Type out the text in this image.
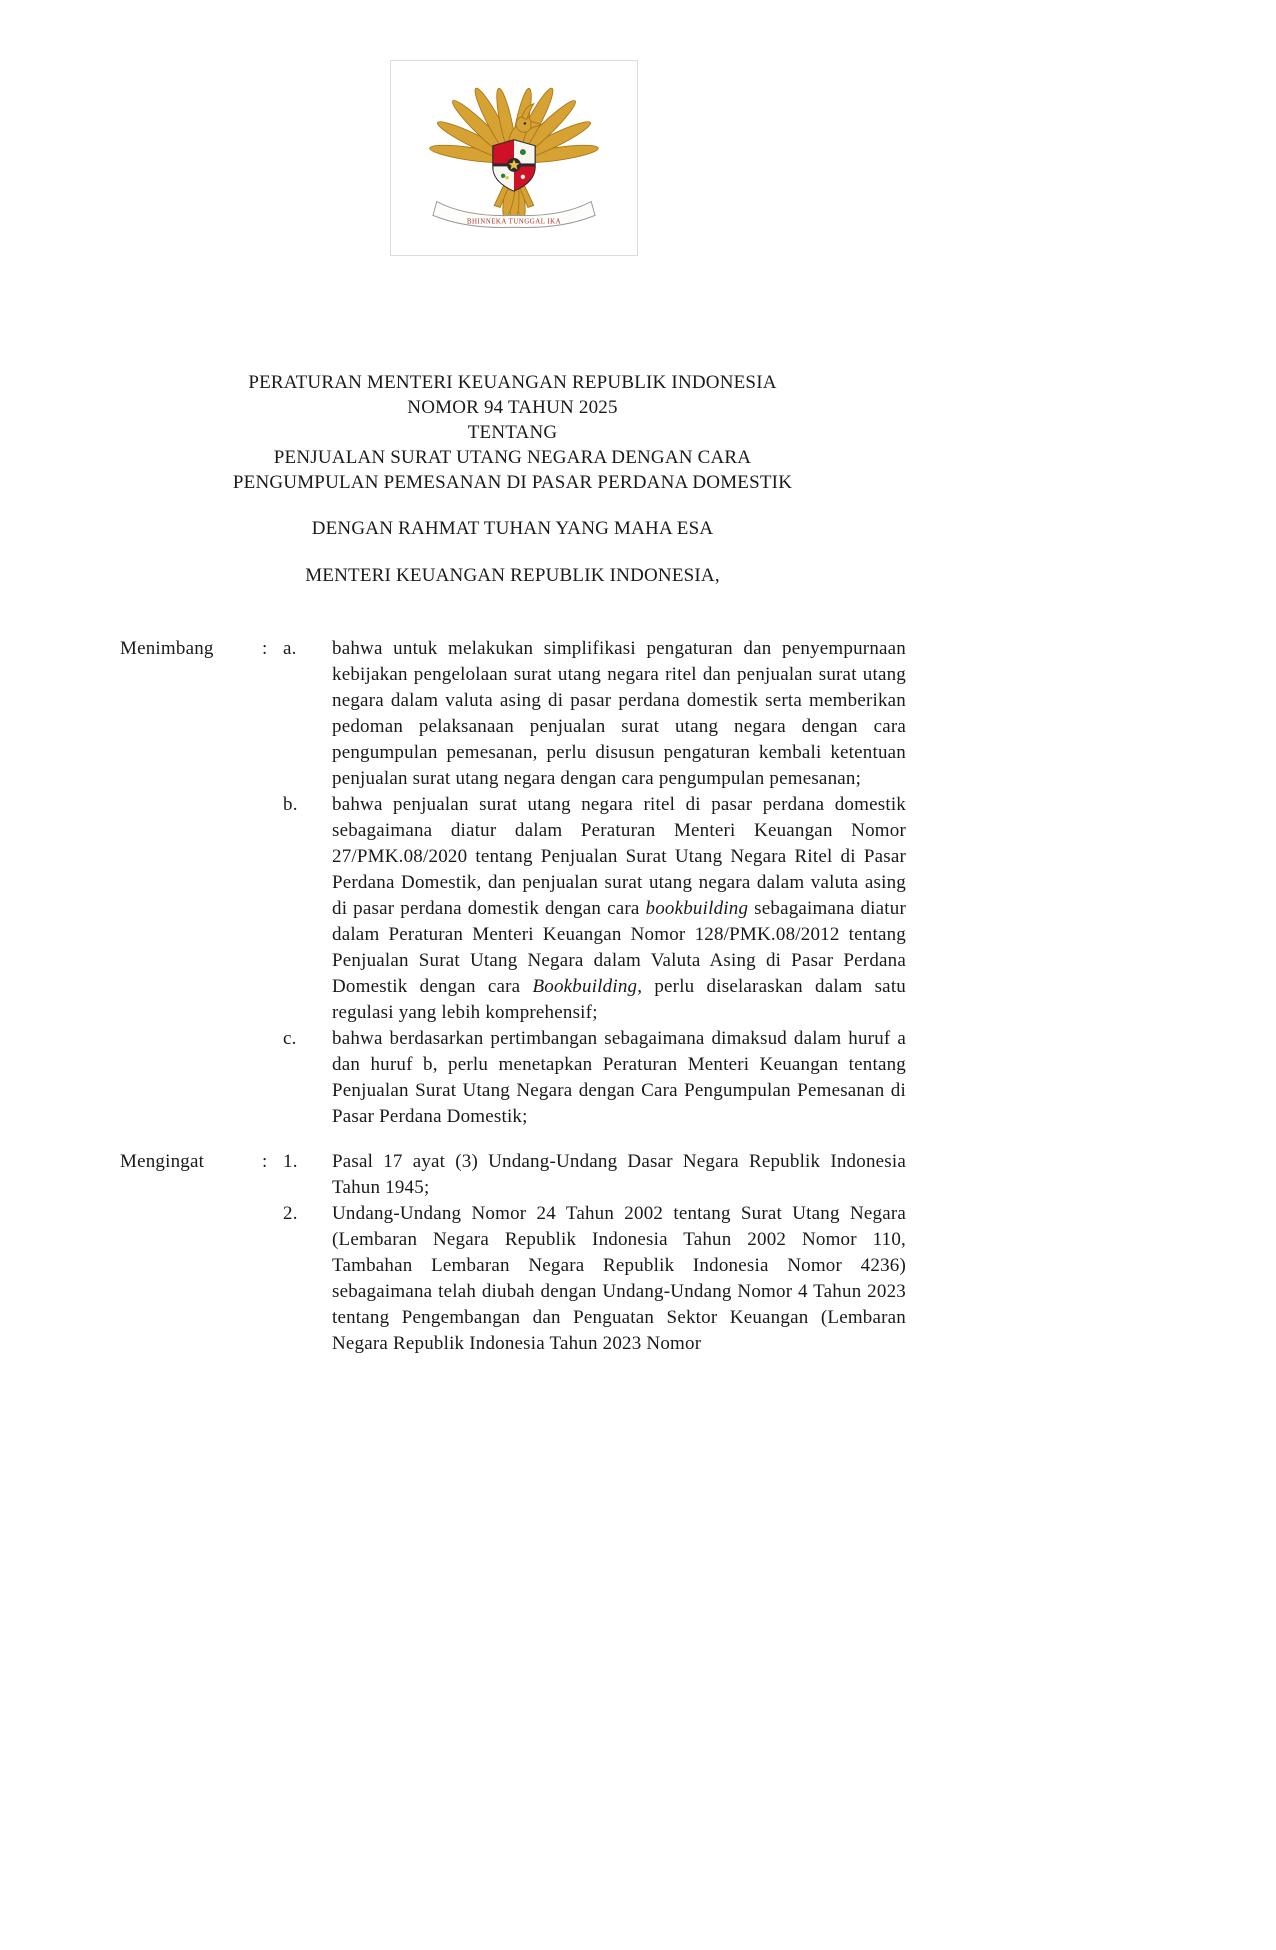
BHINNEKA TUNGGAL IKA
PERATURAN MENTERI KEUANGAN REPUBLIK INDONESIA
NOMOR 94 TAHUN 2025
TENTANG
PENJUALAN SURAT UTANG NEGARA DENGAN CARA
PENGUMPULAN PEMESANAN DI PASAR PERDANA DOMESTIK
DENGAN RAHMAT TUHAN YANG MAHA ESA
MENTERI KEUANGAN REPUBLIK INDONESIA,
Menimbang	: a.	bahwa untuk melakukan simplifikasi pengaturan dan penyempurnaan kebijakan pengelolaan surat utang negara ritel dan penjualan surat utang negara dalam valuta asing di pasar perdana domestik serta memberikan pedoman pelaksanaan penjualan surat utang negara dengan cara pengumpulan pemesanan, perlu disusun pengaturan kembali ketentuan penjualan surat utang negara dengan cara pengumpulan pemesanan;
b.	bahwa penjualan surat utang negara ritel di pasar perdana domestik sebagaimana diatur dalam Peraturan Menteri Keuangan Nomor 27/PMK.08/2020 tentang Penjualan Surat Utang Negara Ritel di Pasar Perdana Domestik, dan penjualan surat utang negara dalam valuta asing di pasar perdana domestik dengan cara bookbuilding sebagaimana diatur dalam Peraturan Menteri Keuangan Nomor 128/PMK.08/2012 tentang Penjualan Surat Utang Negara dalam Valuta Asing di Pasar Perdana Domestik dengan cara Bookbuilding, perlu diselaraskan dalam satu regulasi yang lebih komprehensif;
c.	bahwa berdasarkan pertimbangan sebagaimana dimaksud dalam huruf a dan huruf b, perlu menetapkan Peraturan Menteri Keuangan tentang Penjualan Surat Utang Negara dengan Cara Pengumpulan Pemesanan di Pasar Perdana Domestik;
Mengingat	: 1.	Pasal 17 ayat (3) Undang-Undang Dasar Negara Republik Indonesia Tahun 1945;
2.	Undang-Undang Nomor 24 Tahun 2002 tentang Surat Utang Negara (Lembaran Negara Republik Indonesia Tahun 2002 Nomor 110, Tambahan Lembaran Negara Republik Indonesia Nomor 4236) sebagaimana telah diubah dengan Undang-Undang Nomor 4 Tahun 2023 tentang Pengembangan dan Penguatan Sektor Keuangan (Lembaran Negara Republik Indonesia Tahun 2023 Nomor
